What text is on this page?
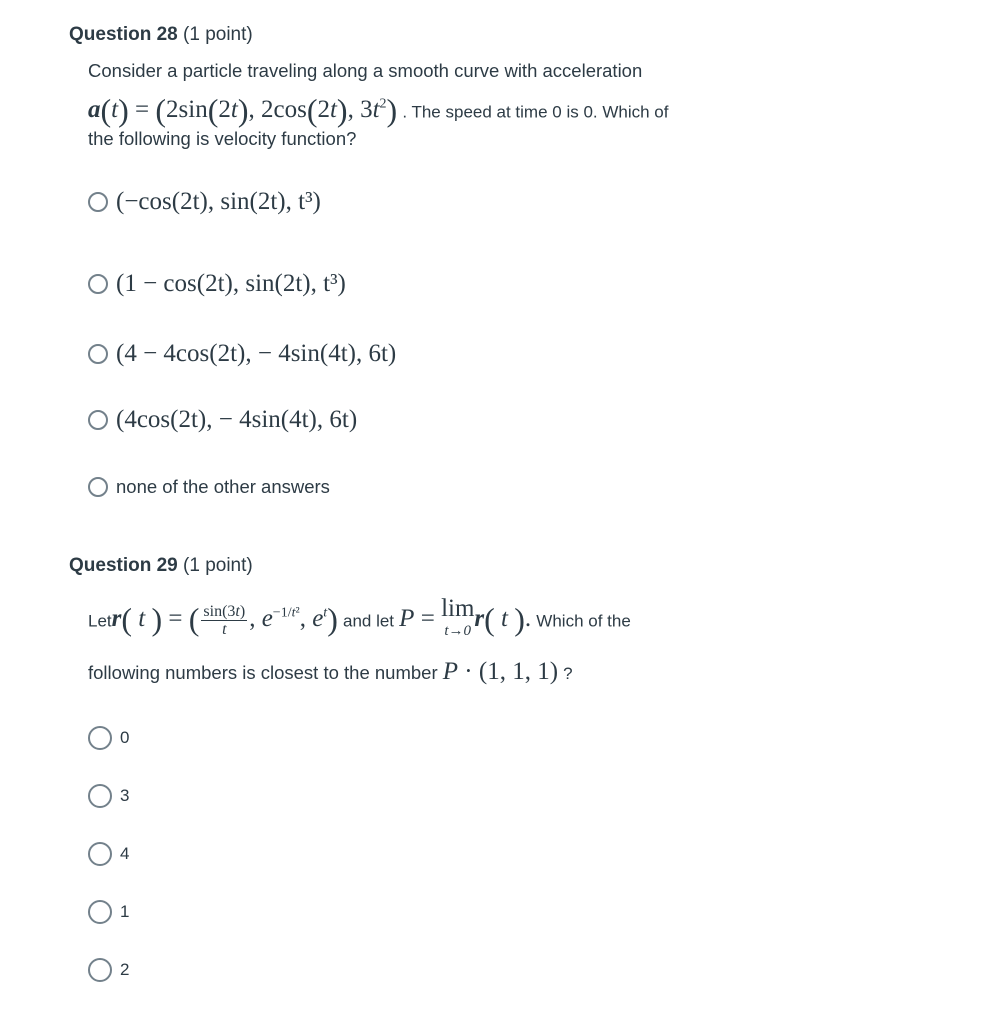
Question 28 (1 point)
Consider a particle traveling along a smooth curve with acceleration
a(t) = (2sin(2t), 2cos(2t), $3t^2$) . The speed at time 0 is 0. Which of
the following is velocity function?
(−cos(2t), sin(2t), t³)
(1 − cos(2t), sin(2t), t³)
(4 − 4cos(2t), − 4sin(4t), 6t)
(4cos(2t), − 4sin(4t), 6t)
none of the other answers
Question 29 (1 point)
Letr( t ) = ( $\frac{\sin(3t)}{t}$ , $e^{-1/t^2}$, $e^t$) and let P = lim
t→0 r( t ). Which of the
following numbers is closest to the number P · (1, 1, 1) ?
0
3
4
1
2
